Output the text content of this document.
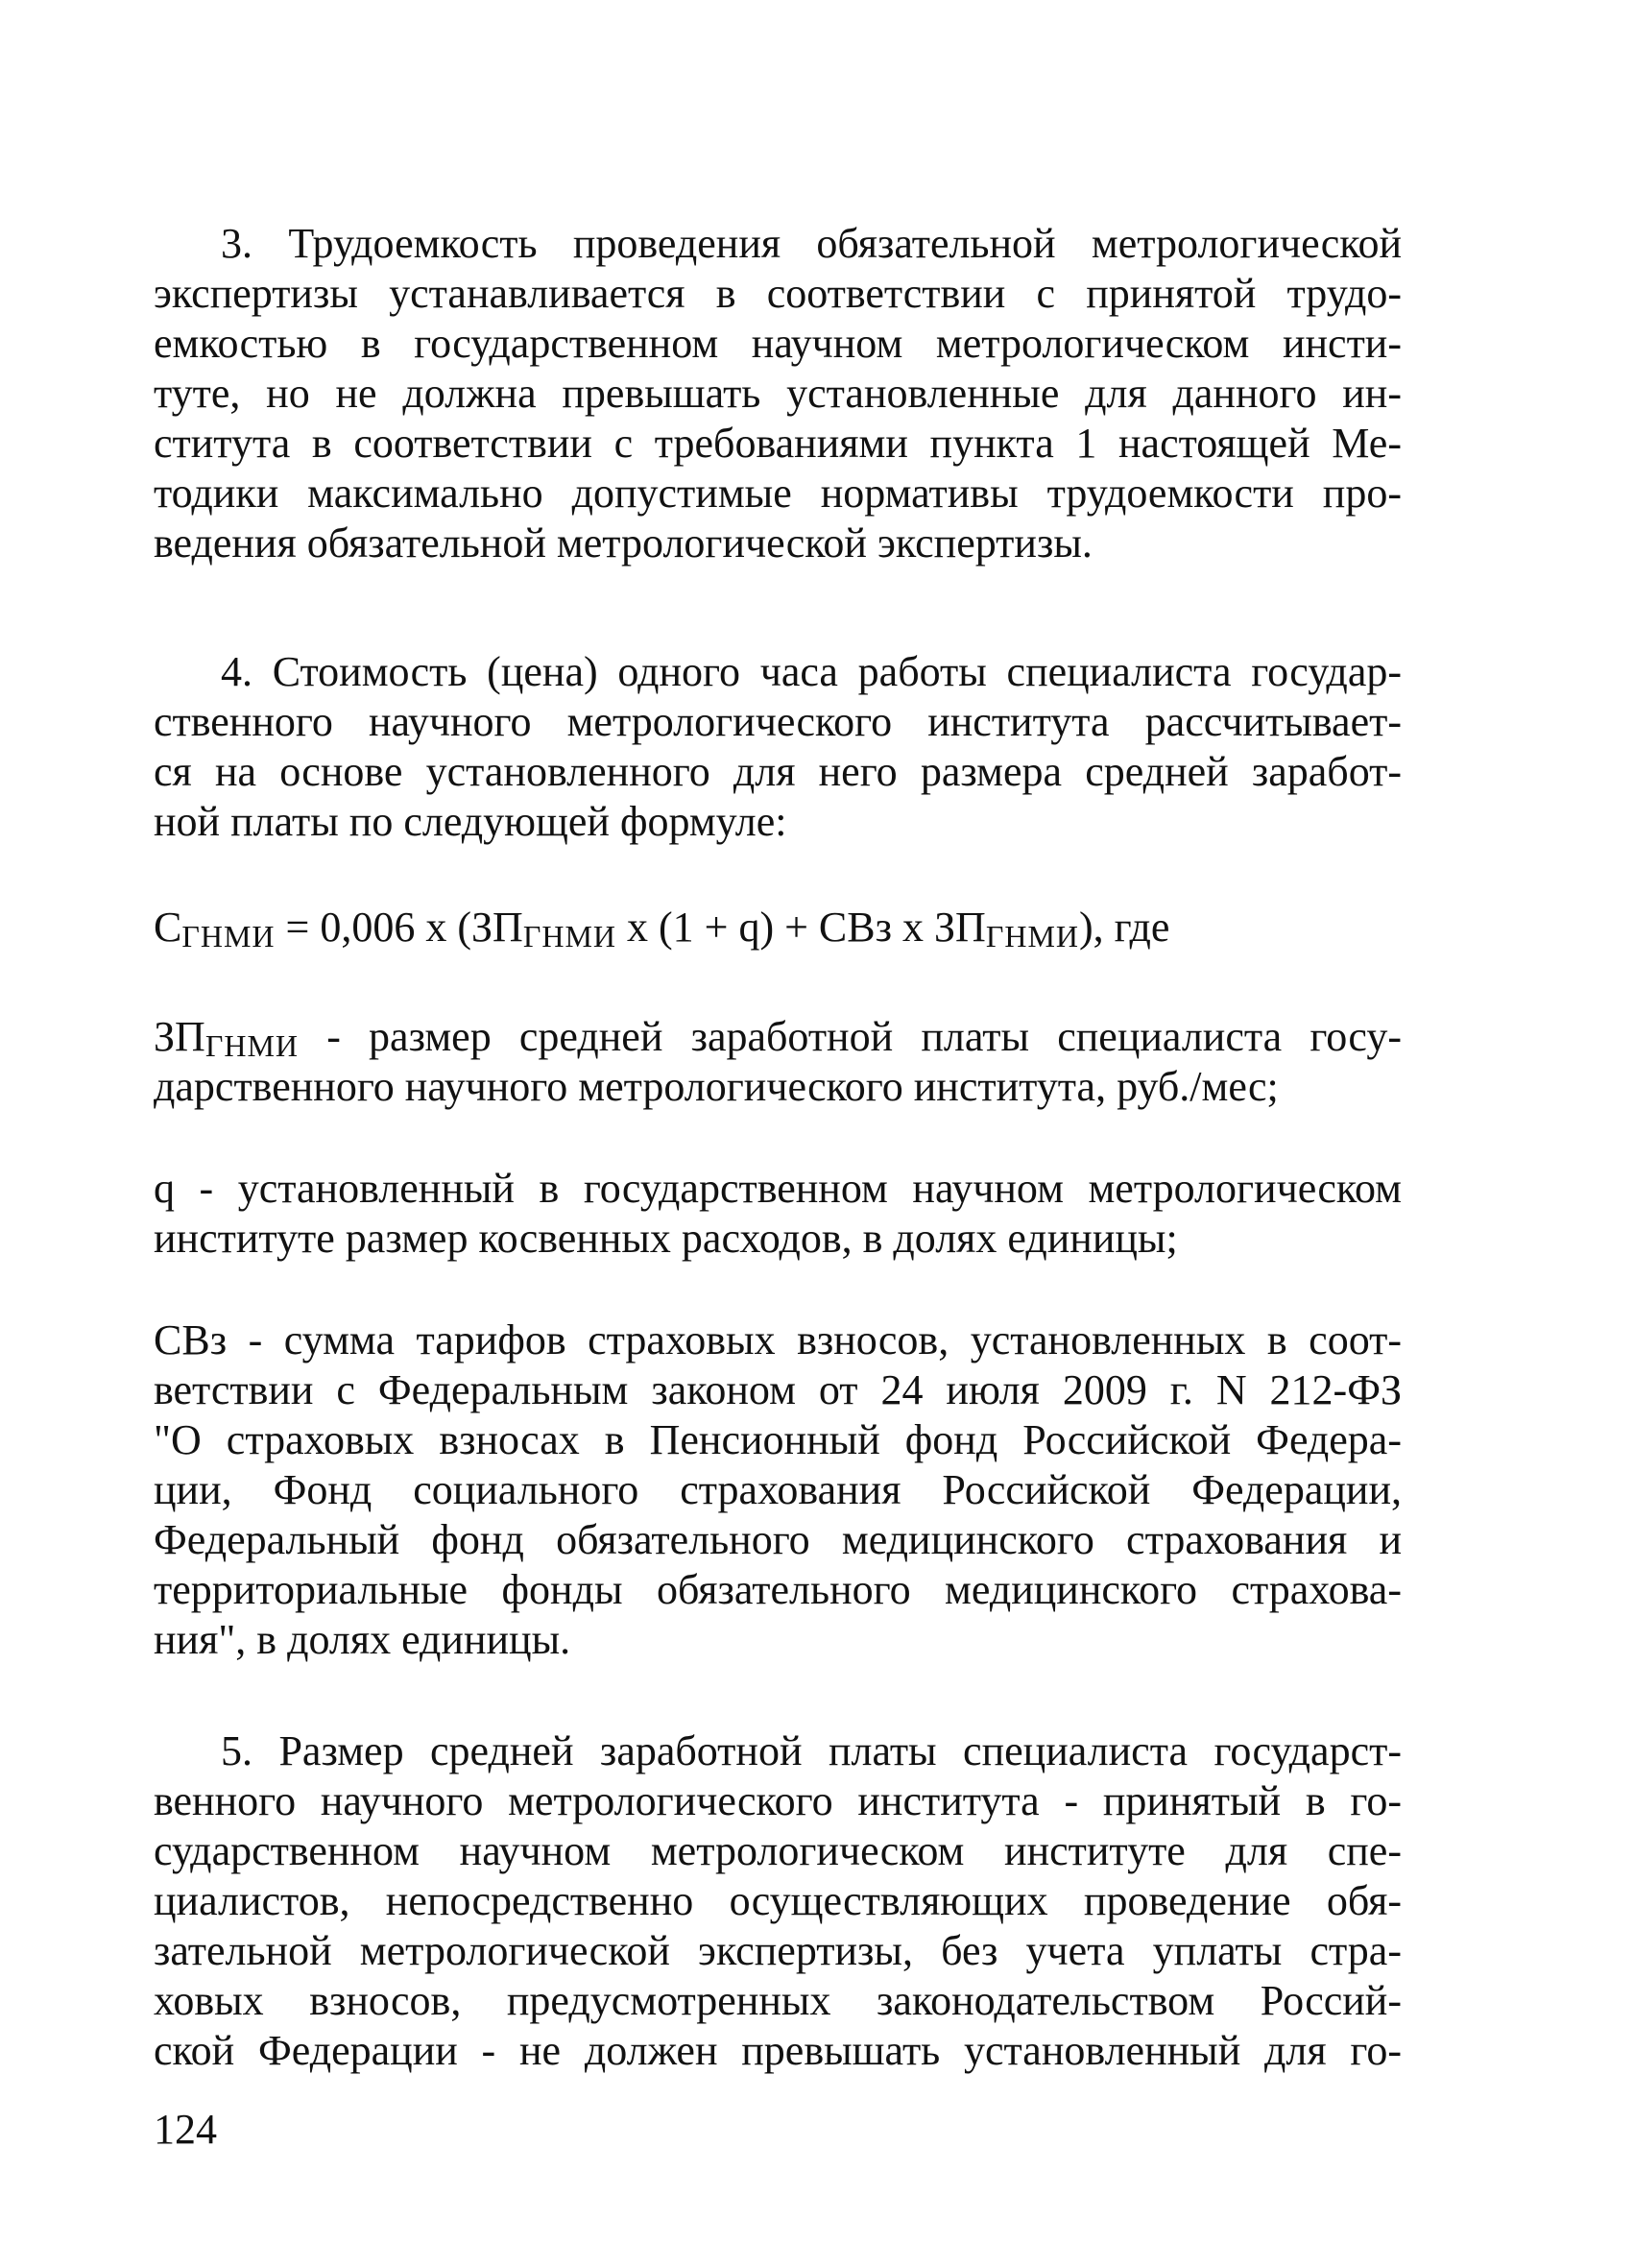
3. Трудоемкость проведения обязательной метрологической
экспертизы устанавливается в соответствии с принятой трудо-
емкостью в государственном научном метрологическом инсти-
туте, но не должна превышать установленные для данного ин-
ститута в соответствии с требованиями пункта 1 настоящей Ме-
тодики максимально допустимые нормативы трудоемкости про-
ведения обязательной метрологической экспертизы.
4. Стоимость (цена) одного часа работы специалиста государ-
ственного научного метрологического института рассчитывает-
ся на основе установленного для него размера средней заработ-
ной платы по следующей формуле:
СГНМИ = 0,006 х (ЗПГНМИ х (1 + q) + СВз х ЗПГНМИ), где
ЗПГНМИ - размер средней заработной платы специалиста госу-
дарственного научного метрологического института, руб./мес;
q - установленный в государственном научном метрологическом
институте размер косвенных расходов, в долях единицы;
СВз - сумма тарифов страховых взносов, установленных в соот-
ветствии с Федеральным законом от 24 июля 2009 г. N 212-ФЗ
"О страховых взносах в Пенсионный фонд Российской Федера-
ции, Фонд социального страхования Российской Федерации,
Федеральный фонд обязательного медицинского страхования и
территориальные фонды обязательного медицинского страхова-
ния", в долях единицы.
5. Размер средней заработной платы специалиста государст-
венного научного метрологического института - принятый в го-
сударственном научном метрологическом институте для спе-
циалистов, непосредственно осуществляющих проведение обя-
зательной метрологической экспертизы, без учета уплаты стра-
ховых взносов, предусмотренных законодательством Россий-
ской Федерации - не должен превышать установленный для го-
124
